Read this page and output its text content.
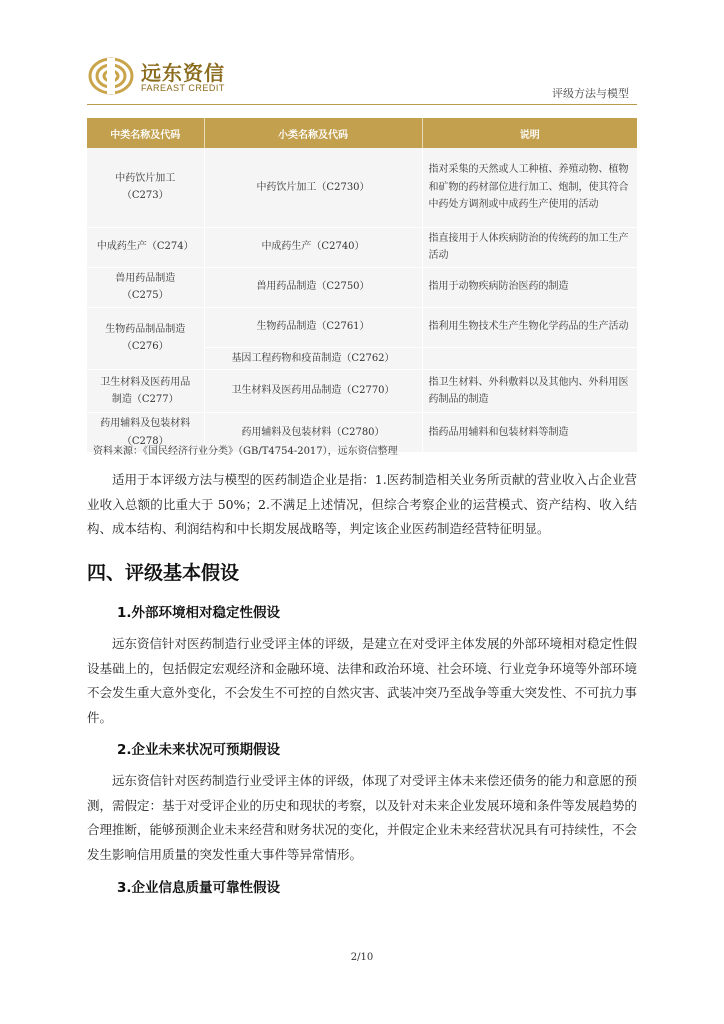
远东资信
FAREAST CREDIT	评级方法与模型
中类名称及代码	小类名称及代码	说明
中药饮片加工
（C273）	中药饮片加工（C2730）	指对采集的天然或人工种植、养殖动物、植物和矿物的药材部位进行加工、炮制，使其符合中药处方调剂或中成药生产使用的活动
中成药生产（C274）	中成药生产（C2740）	指直接用于人体疾病防治的传统药的加工生产活动
兽用药品制造
（C275）	兽用药品制造（C2750）	指用于动物疾病防治医药的制造
生物药品制品制造
（C276）	生物药品制造（C2761）	指利用生物技术生产生物化学药品的生产活动
	基因工程药物和疫苗制造（C2762）	
卫生材料及医药用品
制造（C277）	卫生材料及医药用品制造（C2770）	指卫生材料、外科敷料以及其他内、外科用医药制品的制造
药用辅料及包装材料
（C278）	药用辅料及包装材料（C2780）	指药品用辅料和包装材料等制造
资料来源：《国民经济行业分类》（GB/T4754-2017），远东资信整理
适用于本评级方法与模型的医药制造企业是指：1.医药制造相关业务所贡献的营业收入占企业营业收入总额的比重大于 50%；2.不满足上述情况，但综合考察企业的运营模式、资产结构、收入结构、成本结构、利润结构和中长期发展战略等，判定该企业医药制造经营特征明显。
四、评级基本假设
1.外部环境相对稳定性假设
远东资信针对医药制造行业受评主体的评级，是建立在对受评主体发展的外部环境相对稳定性假设基础上的，包括假定宏观经济和金融环境、法律和政治环境、社会环境、行业竞争环境等外部环境不会发生重大意外变化，不会发生不可控的自然灾害、武装冲突乃至战争等重大突发性、不可抗力事件。
2.企业未来状况可预期假设
远东资信针对医药制造行业受评主体的评级，体现了对受评主体未来偿还债务的能力和意愿的预测，需假定：基于对受评企业的历史和现状的考察，以及针对未来企业发展环境和条件等发展趋势的合理推断，能够预测企业未来经营和财务状况的变化，并假定企业未来经营状况具有可持续性，不会发生影响信用质量的突发性重大事件等异常情形。
3.企业信息质量可靠性假设
2/10
